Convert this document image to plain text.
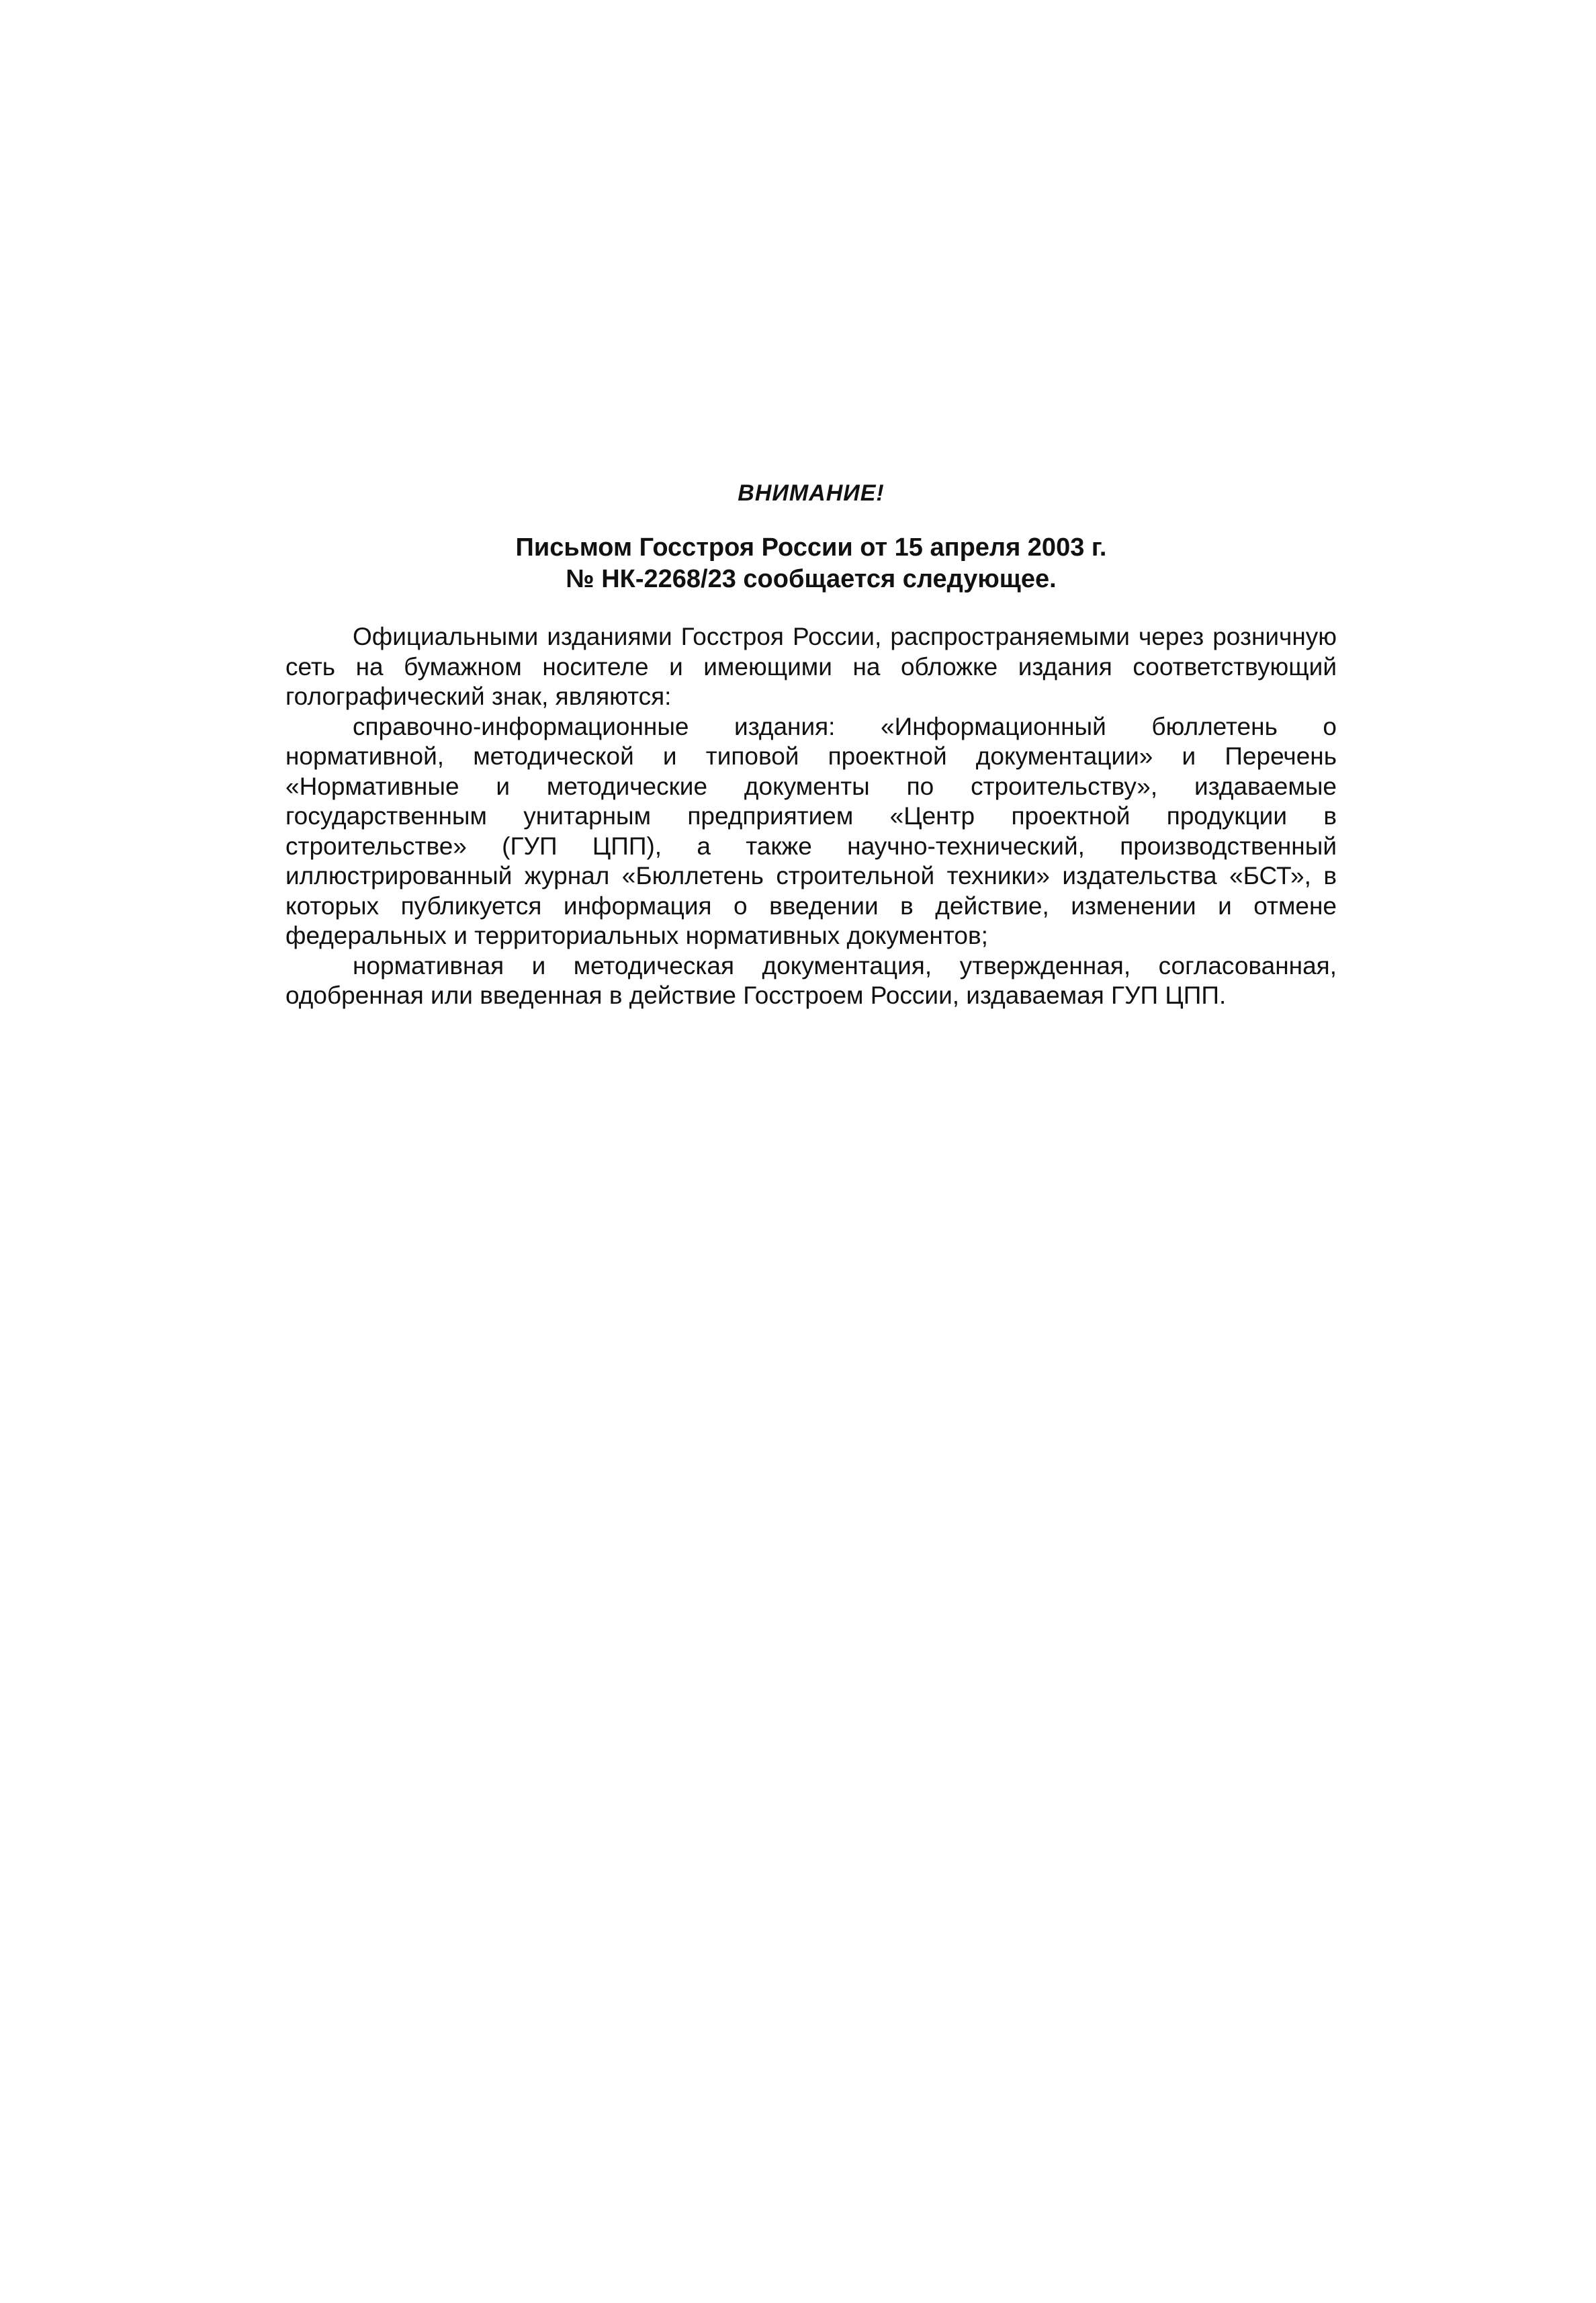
ВНИМАНИЕ!
Письмом Госстроя России от 15 апреля 2003 г.
№ НК-2268/23 сообщается следующее.

Официальными изданиями Госстроя России, распространяемыми через розничную сеть на бумажном носителе и имеющими на обложке издания соответствующий голографический знак, являются:

справочно-информационные издания: «Информационный бюллетень о нормативной, методической и типовой проектной документации» и Перечень «Нормативные и методические документы по строительству», издаваемые государственным унитарным предприятием «Центр проектной продукции в строительстве» (ГУП ЦПП), а также научно-технический, производственный иллюстрированный журнал «Бюллетень строительной техники» издательства «БСТ», в которых публикуется информация о введении в действие, изменении и отмене федеральных и территориальных нормативных документов;

нормативная и методическая документация, утвержденная, согласованная, одобренная или введенная в действие Госстроем России, издаваемая ГУП ЦПП.
